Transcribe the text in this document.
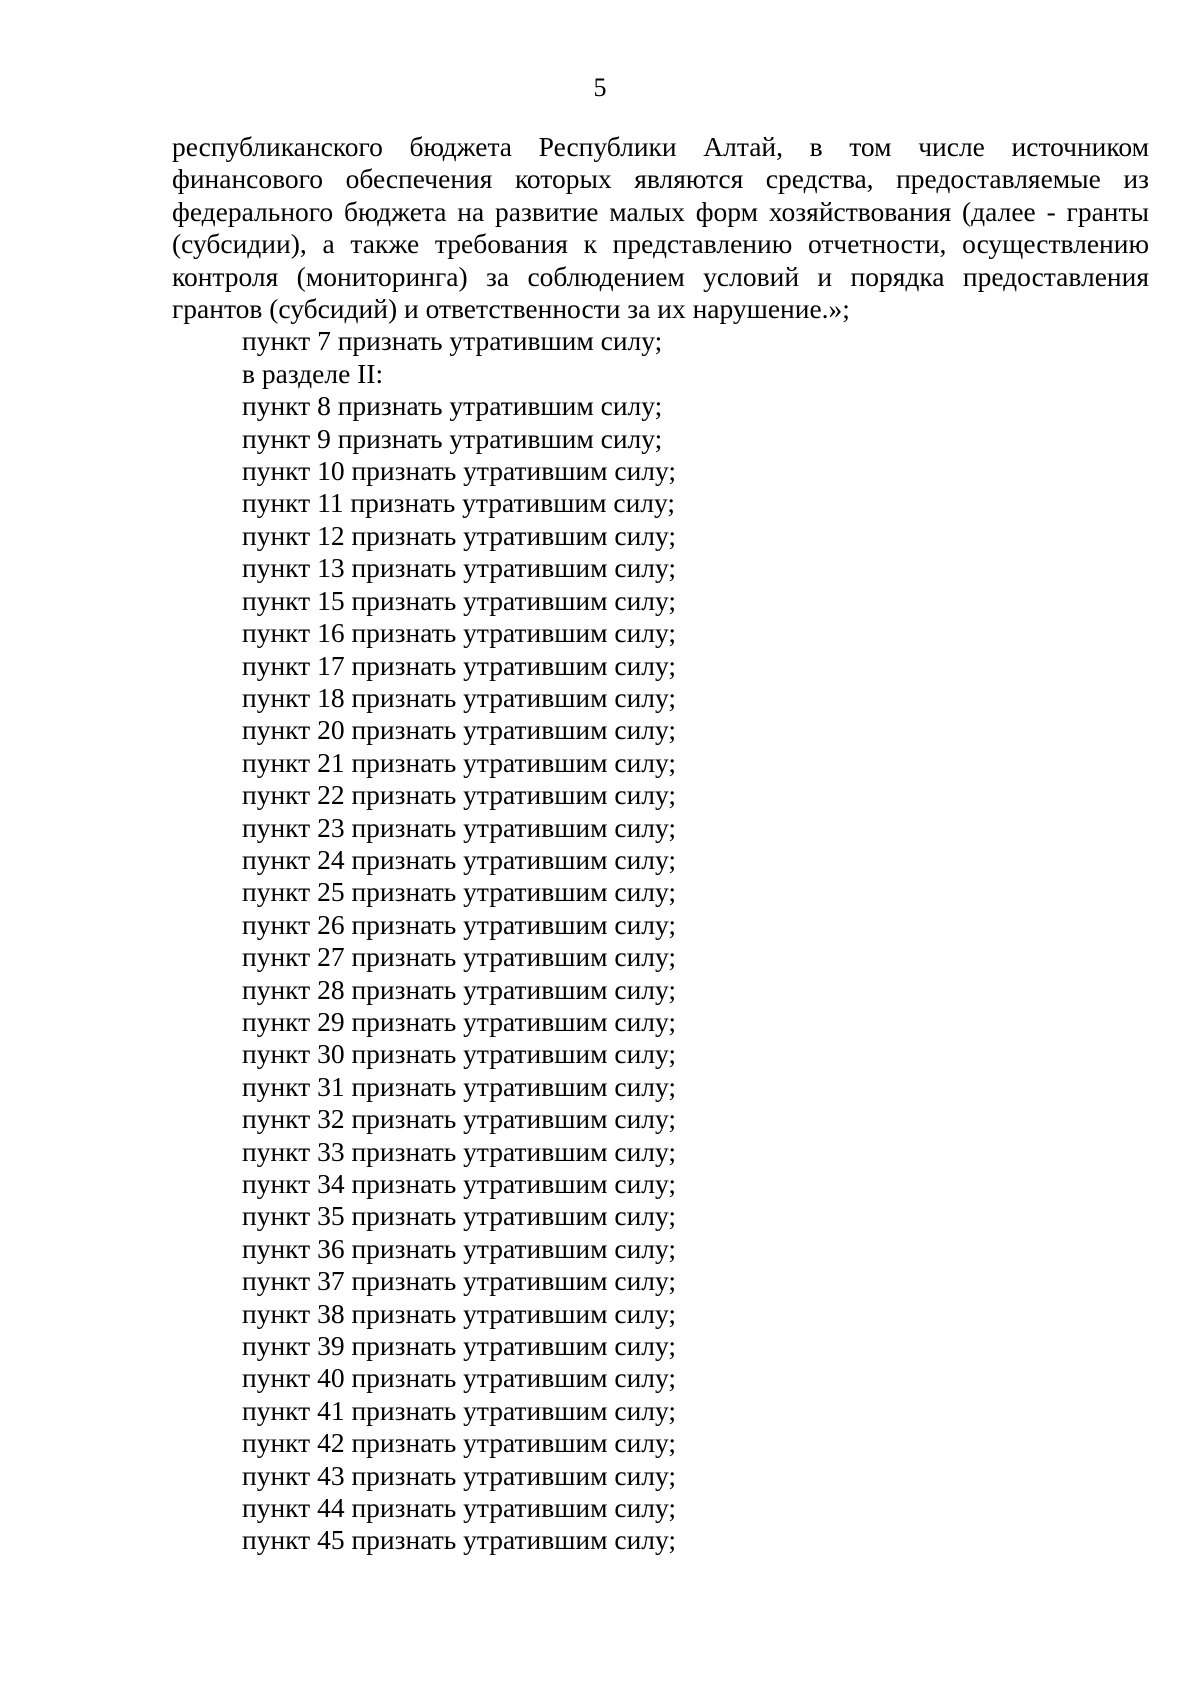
5

республиканского бюджета Республики Алтай, в том числе источником финансового обеспечения которых являются средства, предоставляемые из федерального бюджета на развитие малых форм хозяйствования (далее - гранты (субсидии), а также требования к представлению отчетности, осуществлению контроля (мониторинга) за соблюдением условий и порядка предоставления грантов (субсидий) и ответственности за их нарушение.»;

пункт 7 признать утратившим силу;
в разделе II:
пункт 8 признать утратившим силу;
пункт 9 признать утратившим силу;
пункт 10 признать утратившим силу;
пункт 11 признать утратившим силу;
пункт 12 признать утратившим силу;
пункт 13 признать утратившим силу;
пункт 15 признать утратившим силу;
пункт 16 признать утратившим силу;
пункт 17 признать утратившим силу;
пункт 18 признать утратившим силу;
пункт 20 признать утратившим силу;
пункт 21 признать утратившим силу;
пункт 22 признать утратившим силу;
пункт 23 признать утратившим силу;
пункт 24 признать утратившим силу;
пункт 25 признать утратившим силу;
пункт 26 признать утратившим силу;
пункт 27 признать утратившим силу;
пункт 28 признать утратившим силу;
пункт 29 признать утратившим силу;
пункт 30 признать утратившим силу;
пункт 31 признать утратившим силу;
пункт 32 признать утратившим силу;
пункт 33 признать утратившим силу;
пункт 34 признать утратившим силу;
пункт 35 признать утратившим силу;
пункт 36 признать утратившим силу;
пункт 37 признать утратившим силу;
пункт 38 признать утратившим силу;
пункт 39 признать утратившим силу;
пункт 40 признать утратившим силу;
пункт 41 признать утратившим силу;
пункт 42 признать утратившим силу;
пункт 43 признать утратившим силу;
пункт 44 признать утратившим силу;
пункт 45 признать утратившим силу;
